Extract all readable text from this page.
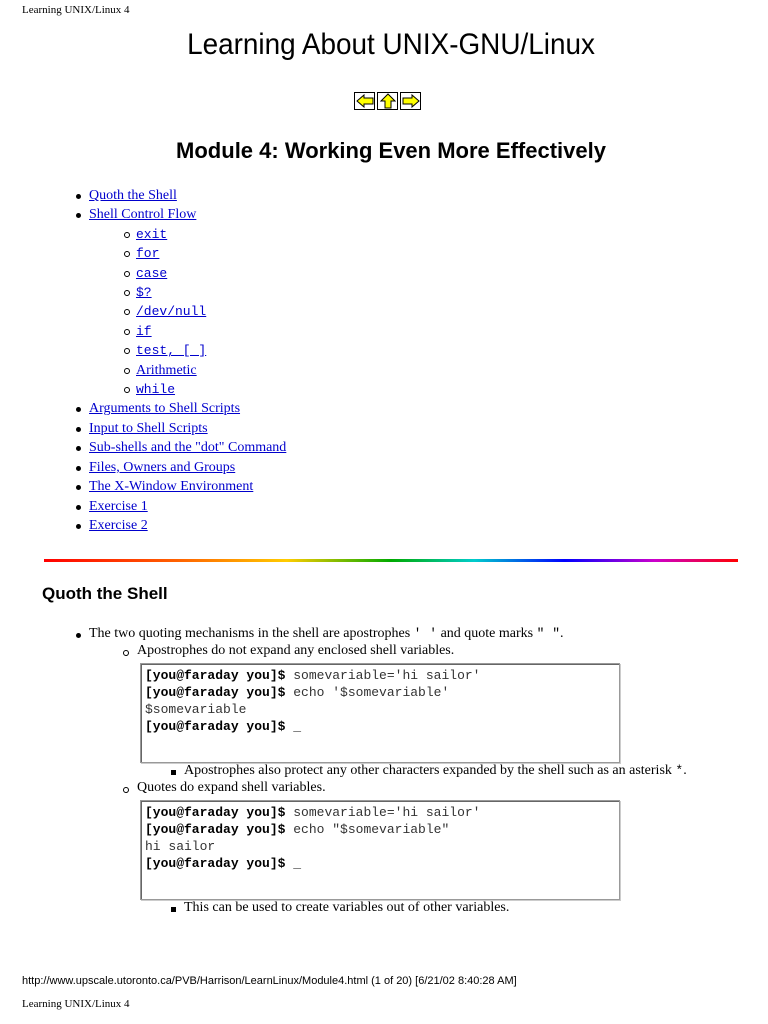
Learning UNIX/Linux 4
Learning About UNIX-GNU/Linux
Module 4: Working Even More Effectively
Quoth the Shell
Shell Control Flow
exit
for
case
$?
/dev/null
if
test, [ ]
Arithmetic
while
Arguments to Shell Scripts
Input to Shell Scripts
Sub-shells and the "dot" Command
Files, Owners and Groups
The X-Window Environment
Exercise 1
Exercise 2
Quoth the Shell
The two quoting mechanisms in the shell are apostrophes ' ' and quote marks " ".
Apostrophes do not expand any enclosed shell variables.
[you@faraday you]$ somevariable='hi sailor'
[you@faraday you]$ echo '$somevariable'
$somevariable
[you@faraday you]$ _
Apostrophes also protect any other characters expanded by the shell such as an asterisk *.
Quotes do expand shell variables.
[you@faraday you]$ somevariable='hi sailor'
[you@faraday you]$ echo "$somevariable"
hi sailor
[you@faraday you]$ _
This can be used to create variables out of other variables.
http://www.upscale.utoronto.ca/PVB/Harrison/LearnLinux/Module4.html (1 of 20) [6/21/02 8:40:28 AM]
Learning UNIX/Linux 4
